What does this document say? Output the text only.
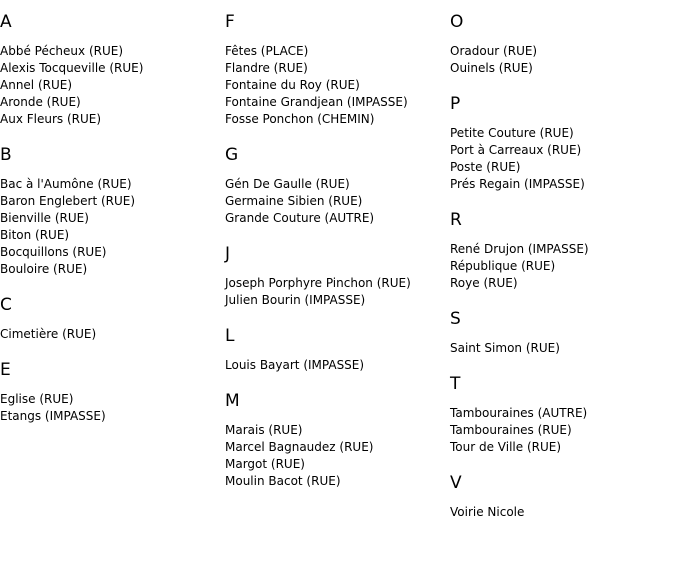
A
Abbé Pécheux (RUE)
Alexis Tocqueville (RUE)
Annel (RUE)
Aronde (RUE)
Aux Fleurs (RUE)
B
Bac à l'Aumône (RUE)
Baron Englebert (RUE)
Bienville (RUE)
Biton (RUE)
Bocquillons (RUE)
Bouloire (RUE)
C
Cimetière (RUE)
E
Eglise (RUE)
Etangs (IMPASSE)
F
Fêtes (PLACE)
Flandre (RUE)
Fontaine du Roy (RUE)
Fontaine Grandjean (IMPASSE)
Fosse Ponchon (CHEMIN)
G
Gén De Gaulle (RUE)
Germaine Sibien (RUE)
Grande Couture (AUTRE)
J
Joseph Porphyre Pinchon (RUE)
Julien Bourin (IMPASSE)
L
Louis Bayart (IMPASSE)
M
Marais (RUE)
Marcel Bagnaudez (RUE)
Margot (RUE)
Moulin Bacot (RUE)
O
Oradour (RUE)
Ouinels (RUE)
P
Petite Couture (RUE)
Port à Carreaux (RUE)
Poste (RUE)
Prés Regain (IMPASSE)
R
René Drujon (IMPASSE)
République (RUE)
Roye (RUE)
S
Saint Simon (RUE)
T
Tambouraines (AUTRE)
Tambouraines (RUE)
Tour de Ville (RUE)
V
Voirie Nicole
